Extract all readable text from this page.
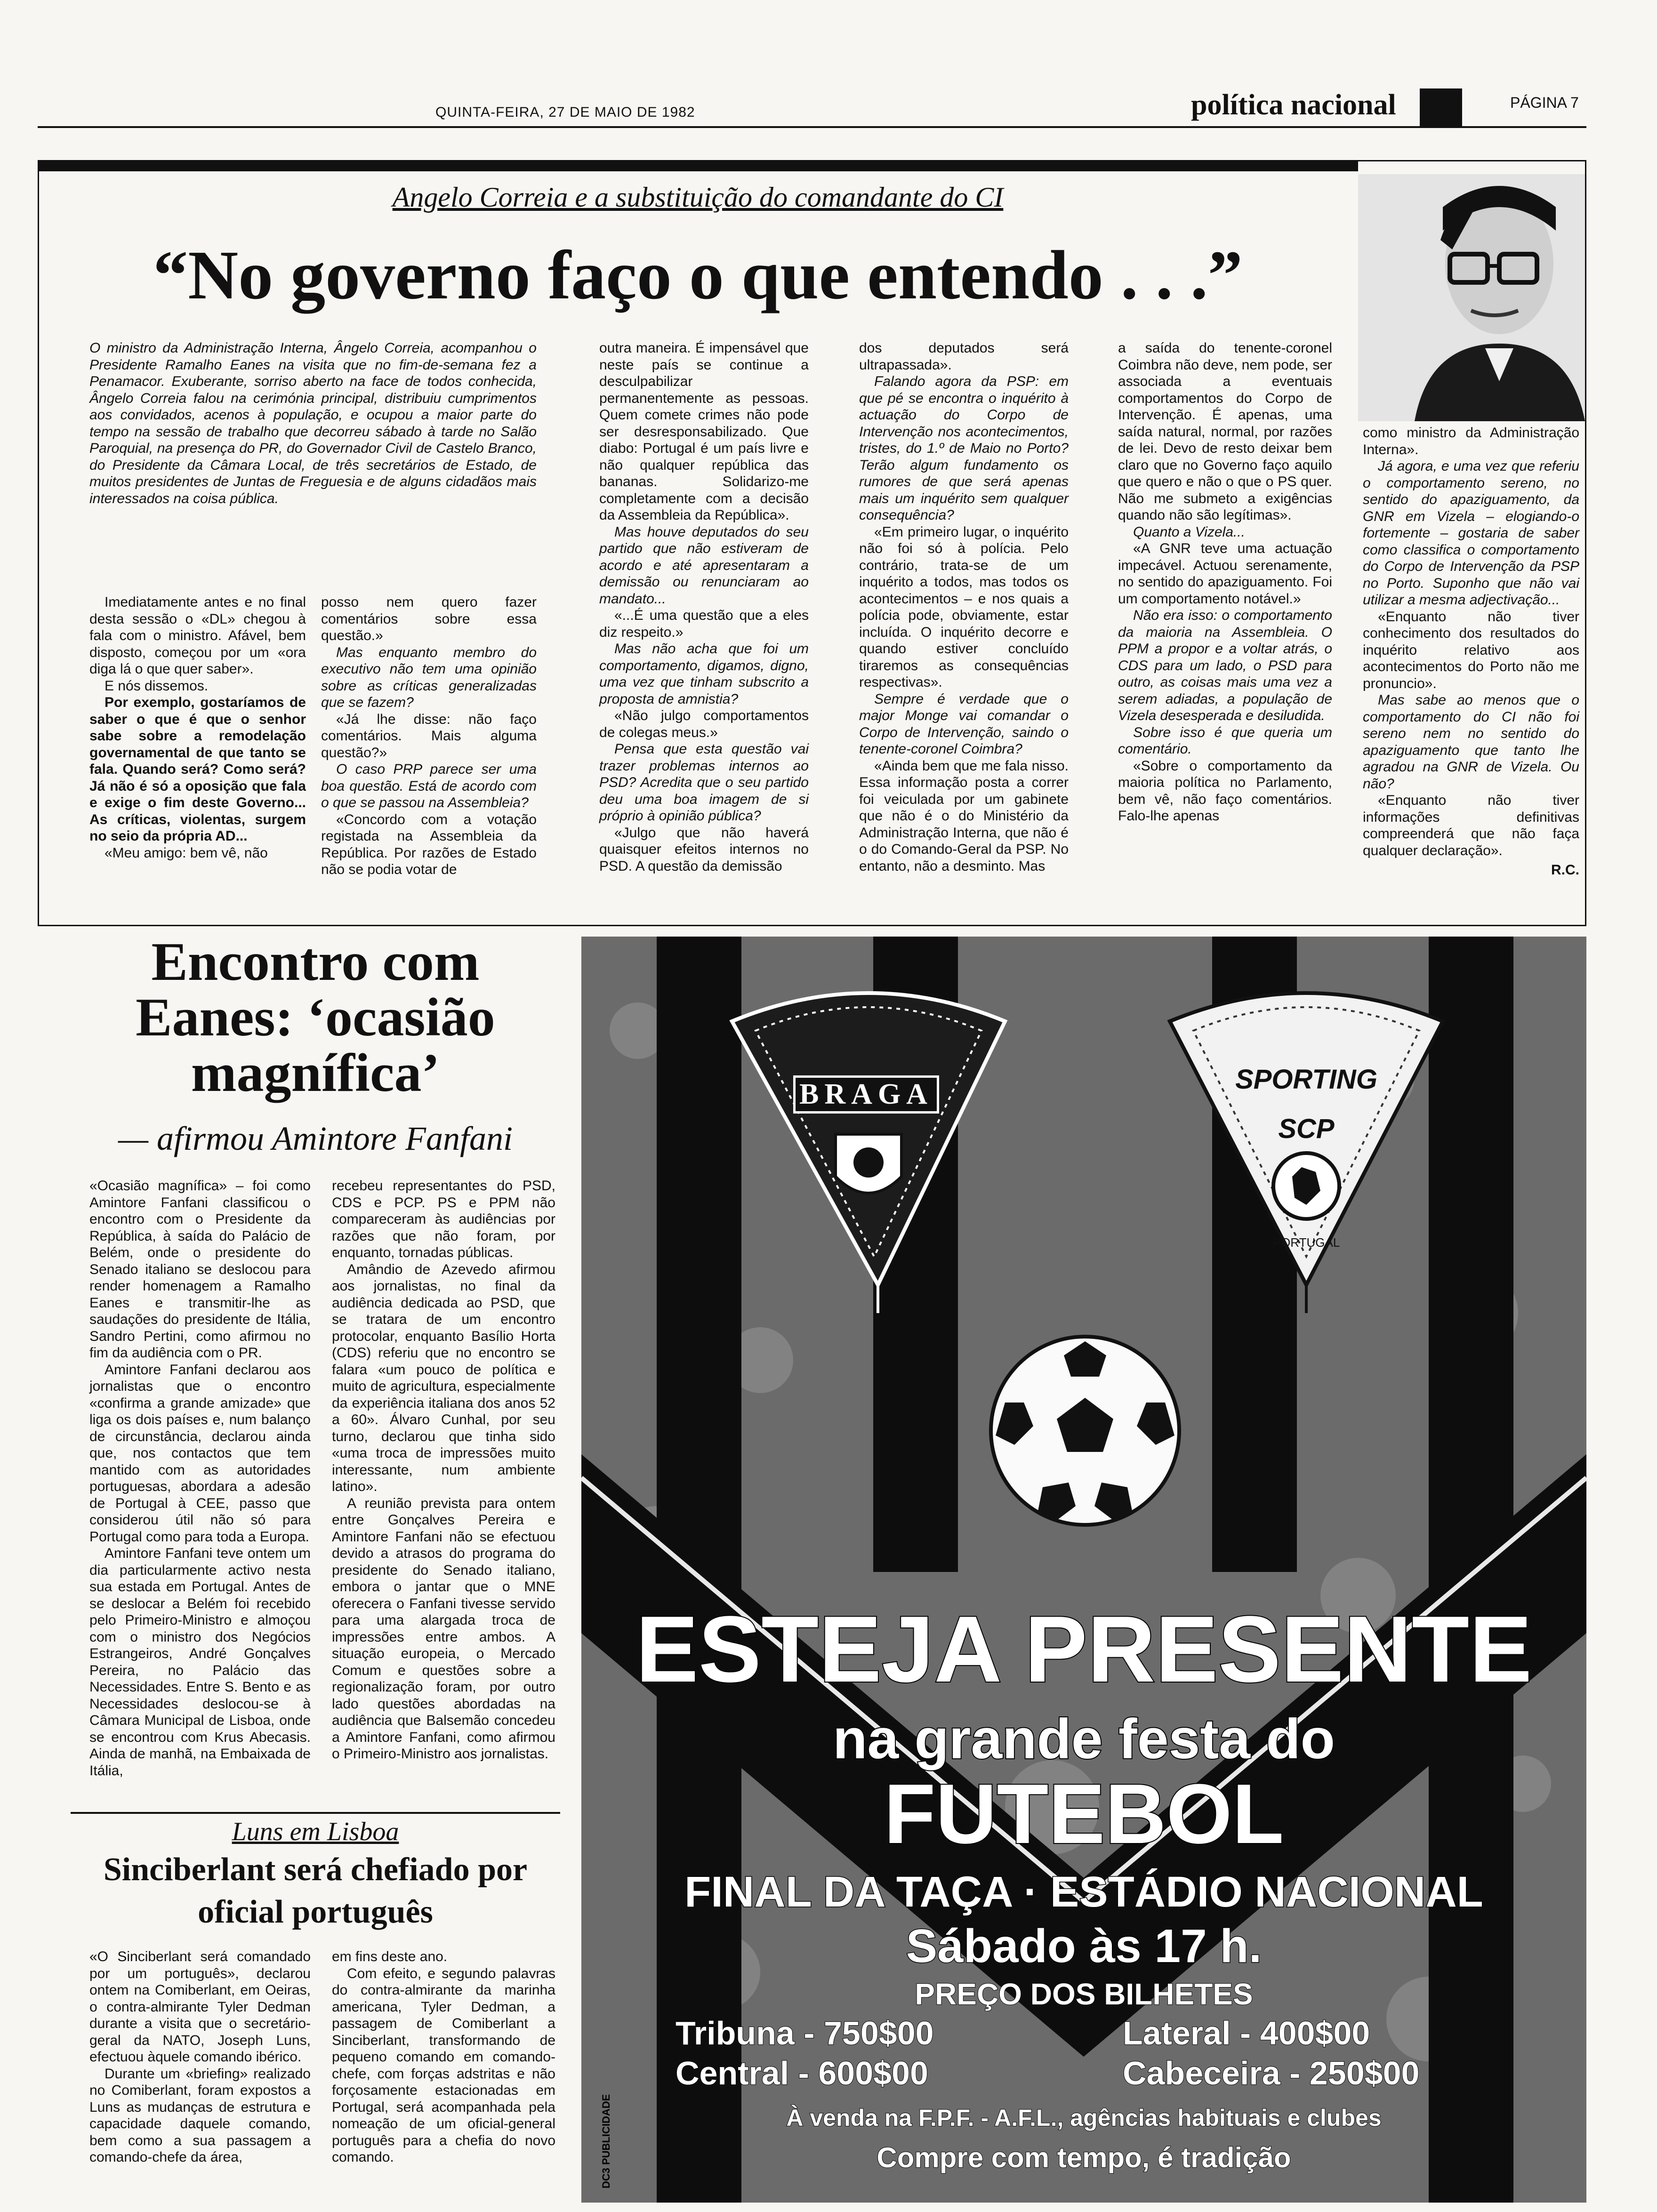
QUINTA-FEIRA, 27 DE MAIO DE 1982	política nacional	PÁGINA 7
Angelo Correia e a substituição do comandante do CI
“No governo faço o que entendo . . .”

O ministro da Administração Interna, Ângelo Correia, acompanhou o Presidente Ramalho Eanes na visita que no fim-de-semana fez a Penamacor. Exuberante, sorriso aberto na face de todos conhecida, Ângelo Correia falou na cerimónia principal, distribuiu cumprimentos aos convidados, acenos à população, e ocupou a maior parte do tempo na sessão de trabalho que decorreu sábado à tarde no Salão Paroquial, na presença do PR, do Governador Civil de Castelo Branco, do Presidente da Câmara Local, de três secretários de Estado, de muitos presidentes de Juntas de Freguesia e de alguns cidadãos mais interessados na coisa pública.

Imediatamente antes e no final desta sessão o «DL» chegou à fala com o ministro. Afável, bem disposto, começou por um «ora diga lá o que quer saber».

E nós dissemos.

Por exemplo, gostaríamos de saber o que é que o senhor sabe sobre a remodelação governamental de que tanto se fala. Quando será? Como será? Já não é só a oposição que fala e exige o fim deste Governo... As críticas, violentas, surgem no seio da própria AD...

«Meu amigo: bem vê, não

posso nem quero fazer comentários sobre essa questão.»

Mas enquanto membro do executivo não tem uma opinião sobre as críticas generalizadas que se fazem?

«Já lhe disse: não faço comentários. Mais alguma questão?»

O caso PRP parece ser uma boa questão. Está de acordo com o que se passou na Assembleia?

«Concordo com a votação registada na Assembleia da República. Por razões de Estado não se podia votar de

outra maneira. É impensável que neste país se continue a desculpabilizar permanentemente as pessoas. Quem comete crimes não pode ser desresponsabilizado. Que diabo: Portugal é um país livre e não qualquer república das bananas. Solidarizo-me completamente com a decisão da Assembleia da República».

Mas houve deputados do seu partido que não estiveram de acordo e até apresentaram a demissão ou renunciaram ao mandato...

«...É uma questão que a eles diz respeito.»

Mas não acha que foi um comportamento, digamos, digno, uma vez que tinham subscrito a proposta de amnistia?

«Não julgo comportamentos de colegas meus.»

Pensa que esta questão vai trazer problemas internos ao PSD? Acredita que o seu partido deu uma boa imagem de si próprio à opinião pública?

«Julgo que não haverá quaisquer efeitos internos no PSD. A questão da demissão

dos deputados será ultrapassada».

Falando agora da PSP: em que pé se encontra o inquérito à actuação do Corpo de Intervenção nos acontecimentos, tristes, do 1.º de Maio no Porto? Terão algum fundamento os rumores de que será apenas mais um inquérito sem qualquer consequência?

«Em primeiro lugar, o inquérito não foi só à polícia. Pelo contrário, trata-se de um inquérito a todos, mas todos os acontecimentos – e nos quais a polícia pode, obviamente, estar incluída. O inquérito decorre e quando estiver concluído tiraremos as consequências respectivas».

Sempre é verdade que o major Monge vai comandar o Corpo de Intervenção, saindo o tenente-coronel Coimbra?

«Ainda bem que me fala nisso. Essa informação posta a correr foi veiculada por um gabinete que não é o do Ministério da Administração Interna, que não é o do Comando-Geral da PSP. No entanto, não a desminto. Mas

a saída do tenente-coronel Coimbra não deve, nem pode, ser associada a eventuais comportamentos do Corpo de Intervenção. É apenas, uma saída natural, normal, por razões de lei. Devo de resto deixar bem claro que no Governo faço aquilo que quero e não o que o PS quer. Não me submeto a exigências quando não são legítimas».

Quanto a Vizela...

«A GNR teve uma actuação impecável. Actuou serenamente, no sentido do apaziguamento. Foi um comportamento notável.»

Não era isso: o comportamento da maioria na Assembleia. O PPM a propor e a voltar atrás, o CDS para um lado, o PSD para outro, as coisas mais uma vez a serem adiadas, a população de Vizela desesperada e desiludida.

Sobre isso é que queria um comentário.

«Sobre o comportamento da maioria política no Parlamento, bem vê, não faço comentários. Falo-lhe apenas

como ministro da Administração Interna».

Já agora, e uma vez que referiu o comportamento sereno, no sentido do apaziguamento, da GNR em Vizela – elogiando-o fortemente – gostaria de saber como classifica o comportamento do Corpo de Intervenção da PSP no Porto. Suponho que não vai utilizar a mesma adjectivação...

«Enquanto não tiver conhecimento dos resultados do inquérito relativo aos acontecimentos do Porto não me pronuncio».

Mas sabe ao menos que o comportamento do CI não foi sereno nem no sentido do apaziguamento que tanto lhe agradou na GNR de Vizela. Ou não?

«Enquanto não tiver informações definitivas compreenderá que não faça qualquer declaração».

R.C.
Encontro com Eanes: ‘ocasião magnífica’
— afirmou Amintore Fanfani

«Ocasião magnífica» – foi como Amintore Fanfani classificou o encontro com o Presidente da República, à saída do Palácio de Belém, onde o presidente do Senado italiano se deslocou para render homenagem a Ramalho Eanes e transmitir-lhe as saudações do presidente de Itália, Sandro Pertini, como afirmou no fim da audiência com o PR.

Amintore Fanfani declarou aos jornalistas que o encontro «confirma a grande amizade» que liga os dois países e, num balanço de circunstância, declarou ainda que, nos contactos que tem mantido com as autoridades portuguesas, abordara a adesão de Portugal à CEE, passo que considerou útil não só para Portugal como para toda a Europa.

Amintore Fanfani teve ontem um dia particularmente activo nesta sua estada em Portugal. Antes de se deslocar a Belém foi recebido pelo Primeiro-Ministro e almoçou com o ministro dos Negócios Estrangeiros, André Gonçalves Pereira, no Palácio das Necessidades. Entre S. Bento e as Necessidades deslocou-se à Câmara Municipal de Lisboa, onde se encontrou com Krus Abecasis. Ainda de manhã, na Embaixada de Itália,

recebeu representantes do PSD, CDS e PCP. PS e PPM não compareceram às audiências por razões que não foram, por enquanto, tornadas públicas.

Amândio de Azevedo afirmou aos jornalistas, no final da audiência dedicada ao PSD, que se tratara de um encontro protocolar, enquanto Basílio Horta (CDS) referiu que no encontro se falara «um pouco de política e muito de agricultura, especialmente da experiência italiana dos anos 52 a 60». Álvaro Cunhal, por seu turno, declarou que tinha sido «uma troca de impressões muito interessante, num ambiente latino».

A reunião prevista para ontem entre Gonçalves Pereira e Amintore Fanfani não se efectuou devido a atrasos do programa do presidente do Senado italiano, embora o jantar que o MNE oferecera o Fanfani tivesse servido para uma alargada troca de impressões entre ambos. A situação europeia, o Mercado Comum e questões sobre a regionalização foram, por outro lado questões abordadas na audiência que Balsemão concedeu a Amintore Fanfani, como afirmou o Primeiro-Ministro aos jornalistas.

Luns em Lisboa
Sinciberlant será chefiado por oficial português

«O Sinciberlant será comandado por um português», declarou ontem na Comiberlant, em Oeiras, o contra-almirante Tyler Dedman durante a visita que o secretário-geral da NATO, Joseph Luns, efectuou àquele comando ibérico.

Durante um «briefing» realizado no Comiberlant, foram expostos a Luns as mudanças de estrutura e capacidade daquele comando, bem como a sua passagem a comando-chefe da área,

em fins deste ano.

Com efeito, e segundo palavras do contra-almirante da marinha americana, Tyler Dedman, a passagem de Comiberlant a Sinciberlant, transformando de pequeno comando em comando-chefe, com forças adstritas e não forçosamente estacionadas em Portugal, será acompanhada pela nomeação de um oficial-general português para a chefia do novo comando.

BRAGA	SPORTING
SCP
PORTUGAL
ESTEJA PRESENTE
na grande festa do
FUTEBOL
FINAL DA TAÇA · ESTÁDIO NACIONAL
Sábado às 17 h.
PREÇO DOS BILHETES
Tribuna - 750$00	Lateral - 400$00
Central - 600$00	Cabeceira - 250$00
À venda na F.P.F. - A.F.L., agências habituais e clubes
Compre com tempo, é tradição
DC3 PUBLICIDADE
